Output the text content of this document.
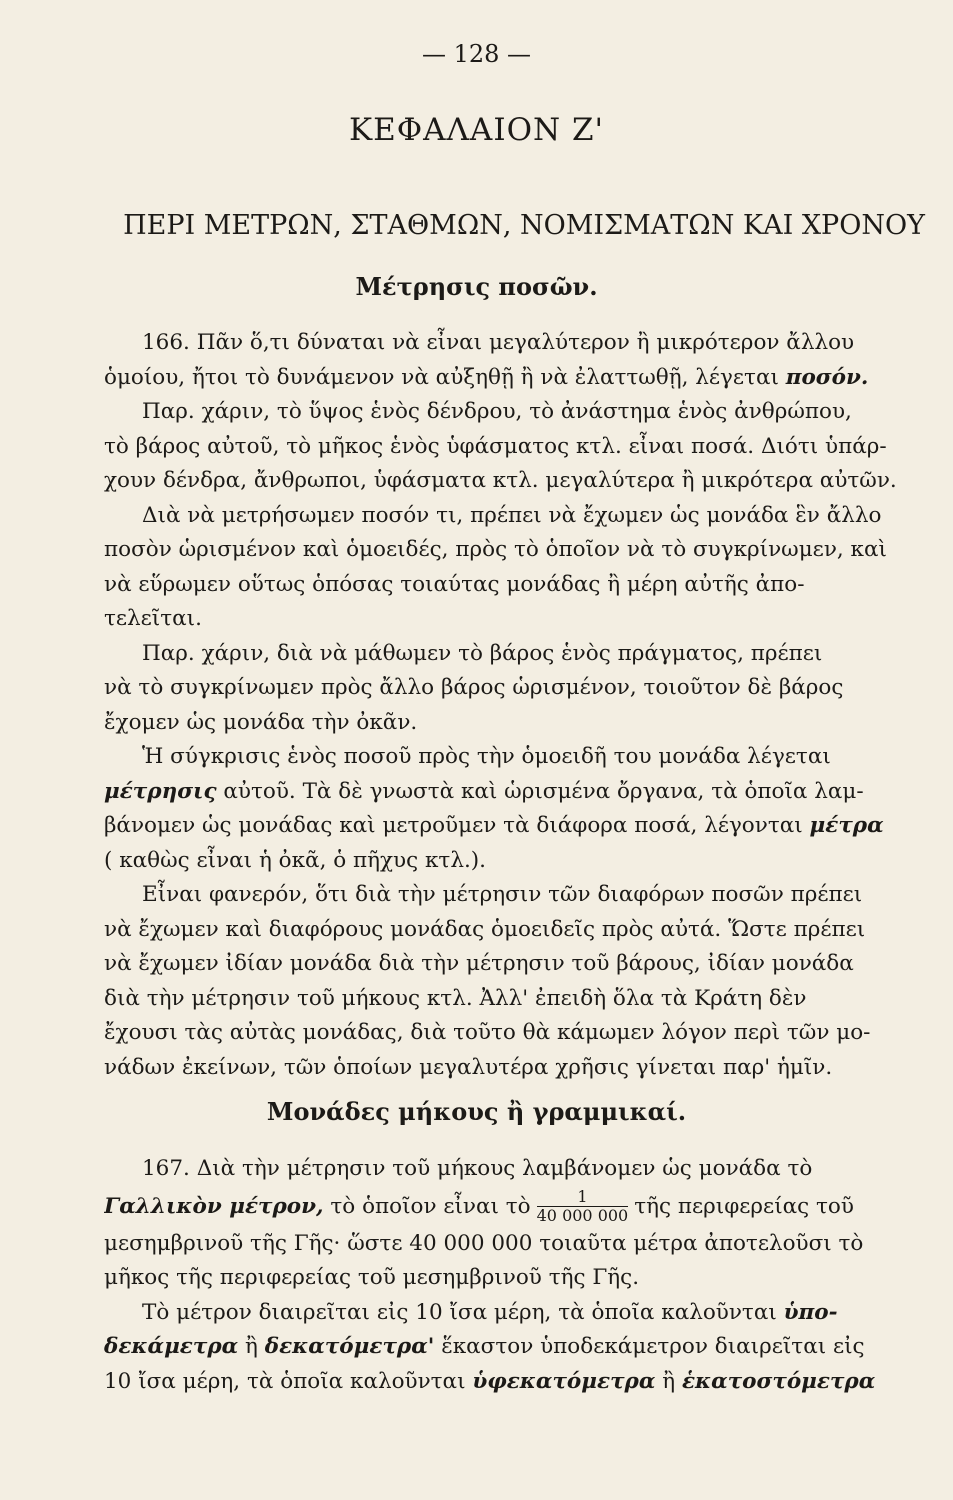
— 128 —
ΚΕΦΑΛΑΙΟΝ Ζ'
ΠΕΡΙ ΜΕΤΡΩΝ, ΣΤΑΘΜΩΝ, ΝΟΜΙΣΜΑΤΩΝ ΚΑΙ ΧΡΟΝΟΥ
Μέτρησις ποσῶν.
166. Πᾶν ὅ,τι δύναται νὰ εἶναι μεγαλύτερον ἢ μικρότερον ἄλλου
ὁμοίου, ἤτοι τὸ δυνάμενον νὰ αὐξηθῇ ἢ νὰ ἐλαττωθῇ, λέγεται ποσόν.
Παρ. χάριν, τὸ ὕψος ἑνὸς δένδρου, τὸ ἀνάστημα ἑνὸς ἀνθρώπου,
τὸ βάρος αὐτοῦ, τὸ μῆκος ἑνὸς ὑφάσματος κτλ. εἶναι ποσά. Διότι ὑπάρ-
χουν δένδρα, ἄνθρωποι, ὑφάσματα κτλ. μεγαλύτερα ἢ μικρότερα αὐτῶν.
Διὰ νὰ μετρήσωμεν ποσόν τι, πρέπει νὰ ἔχωμεν ὡς μονάδα ἓν ἄλλο
ποσὸν ὡρισμένον καὶ ὁμοειδές, πρὸς τὸ ὁποῖον νὰ τὸ συγκρίνωμεν, καὶ
νὰ εὕρωμεν οὕτως ὁπόσας τοιαύτας μονάδας ἢ μέρη αὐτῆς ἀπο-
τελεῖται.
Παρ. χάριν, διὰ νὰ μάθωμεν τὸ βάρος ἑνὸς πράγματος, πρέπει
νὰ τὸ συγκρίνωμεν πρὸς ἄλλο βάρος ὡρισμένον, τοιοῦτον δὲ βάρος
ἔχομεν ὡς μονάδα τὴν ὀκᾶν.
Ἡ σύγκρισις ἑνὸς ποσοῦ πρὸς τὴν ὁμοειδῆ του μονάδα λέγεται
μέτρησις αὐτοῦ. Τὰ δὲ γνωστὰ καὶ ὡρισμένα ὄργανα, τὰ ὁποῖα λαμ-
βάνομεν ὡς μονάδας καὶ μετροῦμεν τὰ διάφορα ποσά, λέγονται μέτρα
( καθὼς εἶναι ἡ ὀκᾶ, ὁ πῆχυς κτλ.).
Εἶναι φανερόν, ὅτι διὰ τὴν μέτρησιν τῶν διαφόρων ποσῶν πρέπει
νὰ ἔχωμεν καὶ διαφόρους μονάδας ὁμοειδεῖς πρὸς αὐτά. Ὥστε πρέπει
νὰ ἔχωμεν ἰδίαν μονάδα διὰ τὴν μέτρησιν τοῦ βάρους, ἰδίαν μονάδα
διὰ τὴν μέτρησιν τοῦ μήκους κτλ. Ἀλλ' ἐπειδὴ ὅλα τὰ Κράτη δὲν
ἔχουσι τὰς αὐτὰς μονάδας, διὰ τοῦτο θὰ κάμωμεν λόγον περὶ τῶν μο-
νάδων ἐκείνων, τῶν ὁποίων μεγαλυτέρα χρῆσις γίνεται παρ' ἡμῖν.
Μονάδες μήκους ἢ γραμμικαί.
167. Διὰ τὴν μέτρησιν τοῦ μήκους λαμβάνομεν ὡς μονάδα τὸ
Γαλλικὸν μέτρον, τὸ ὁποῖον εἶναι τὸ $\frac{1}{40 000 000}$ τῆς περιφερείας τοῦ
μεσημβρινοῦ τῆς Γῆς· ὥστε 40 000 000 τοιαῦτα μέτρα ἀποτελοῦσι τὸ
μῆκος τῆς περιφερείας τοῦ μεσημβρινοῦ τῆς Γῆς.
Τὸ μέτρον διαιρεῖται εἰς 10 ἴσα μέρη, τὰ ὁποῖα καλοῦνται ὑπο-
δεκάμετρα ἢ δεκατόμετρα' ἕκαστον ὑποδεκάμετρον διαιρεῖται εἰς
10 ἴσα μέρη, τὰ ὁποῖα καλοῦνται ὑφεκατόμετρα ἢ ἑκατοστόμετρα
